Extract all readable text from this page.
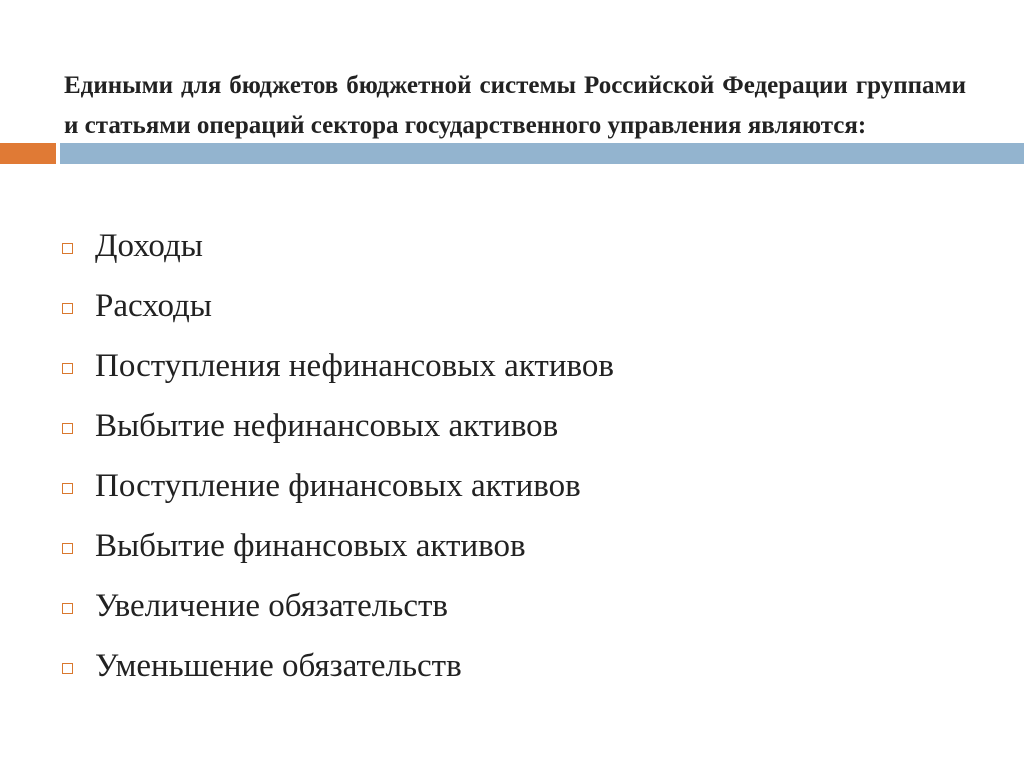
Едиными для бюджетов бюджетной системы Российской Федерации группами и статьями операций сектора государственного управления являются:
Доходы
Расходы
Поступления нефинансовых активов
Выбытие нефинансовых активов
Поступление финансовых активов
Выбытие финансовых активов
Увеличение обязательств
Уменьшение обязательств
